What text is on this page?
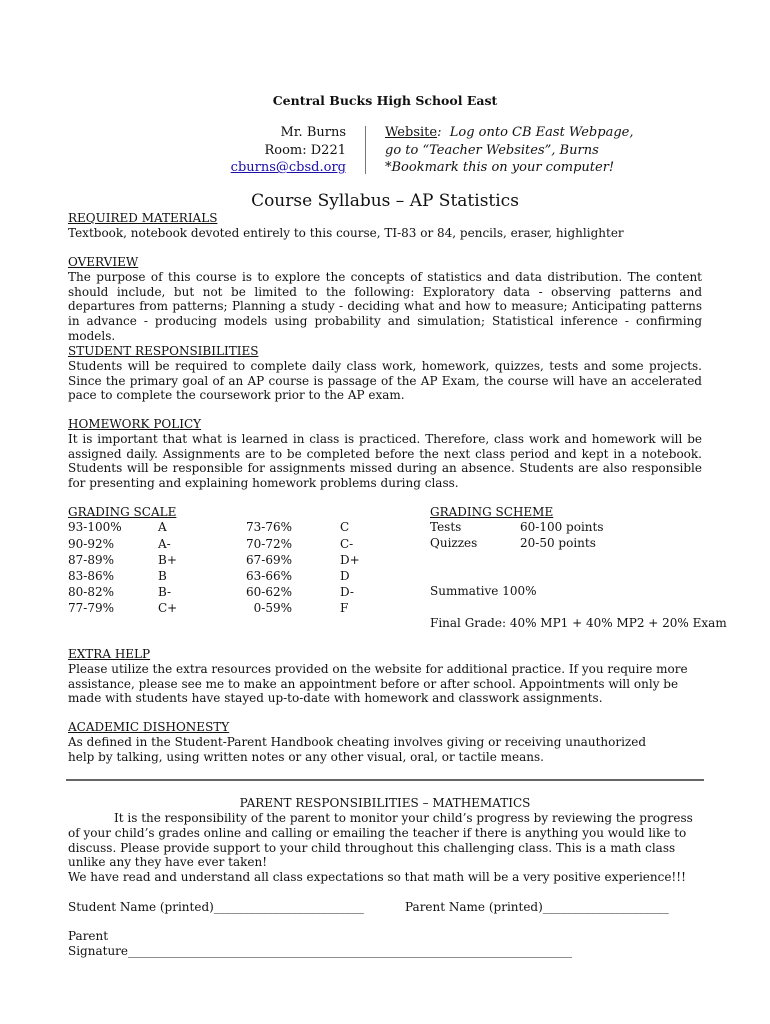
Central Bucks High School East

Mr. Burns
Room: D221
cburns@cbsd.org
Website:  Log onto CB East Webpage,
go to “Teacher Websites”, Burns
*Bookmark this on your computer!

Course Syllabus – AP Statistics

REQUIRED MATERIALS
Textbook, notebook devoted entirely to this course, TI-83 or 84, pencils, eraser, highlighter
OVERVIEW
The purpose of this course is to explore the concepts of statistics and data distribution. The content should include, but not be limited to the following: Exploratory data - observing patterns and departures from patterns; Planning a study - deciding what and how to measure; Anticipating patterns in advance - producing models using probability and simulation; Statistical inference - confirming models.
STUDENT RESPONSIBILITIES
Students will be required to complete daily class work, homework, quizzes, tests and some projects. Since the primary goal of an AP course is passage of the AP Exam, the course will have an accelerated pace to complete the coursework prior to the AP exam.
HOMEWORK POLICY
It is important that what is learned in class is practiced. Therefore, class work and homework will be assigned daily. Assignments are to be completed before the next class period and kept in a notebook. Students will be responsible for assignments missed during an absence. Students are also responsible for presenting and explaining homework problems during class.
GRADING SCALE
93-100%	A	73-76%	C
90-92%	A-	70-72%	C-
87-89%	B+	67-69%	D+
83-86%	B	63-66%	D
80-82%	B-	60-62%	D-
77-79%	C+	0-59%	F
GRADING SCHEME
Tests	60-100 points
Quizzes	20-50 points
Summative 100%
Final Grade: 40% MP1 + 40% MP2 + 20% Exam
EXTRA HELP
Please utilize the extra resources provided on the website for additional practice. If you require more assistance, please see me to make an appointment before or after school. Appointments will only be made with students have stayed up-to-date with homework and classwork assignments.
ACADEMIC DISHONESTY
As defined in the Student-Parent Handbook cheating involves giving or receiving unauthorized
help by talking, using written notes or any other visual, oral, or tactile means.

PARENT RESPONSIBILITIES – MATHEMATICS

It is the responsibility of the parent to monitor your child’s progress by reviewing the progress of your child’s grades online and calling or emailing the teacher if there is anything you would like to discuss. Please provide support to your child throughout this challenging class. This is a math class unlike any they have ever taken!
We have read and understand all class expectations so that math will be a very positive experience!!!
Student Name (printed)_________________________	Parent Name (printed)_____________________
Parent
Signature__________________________________________________________________________
